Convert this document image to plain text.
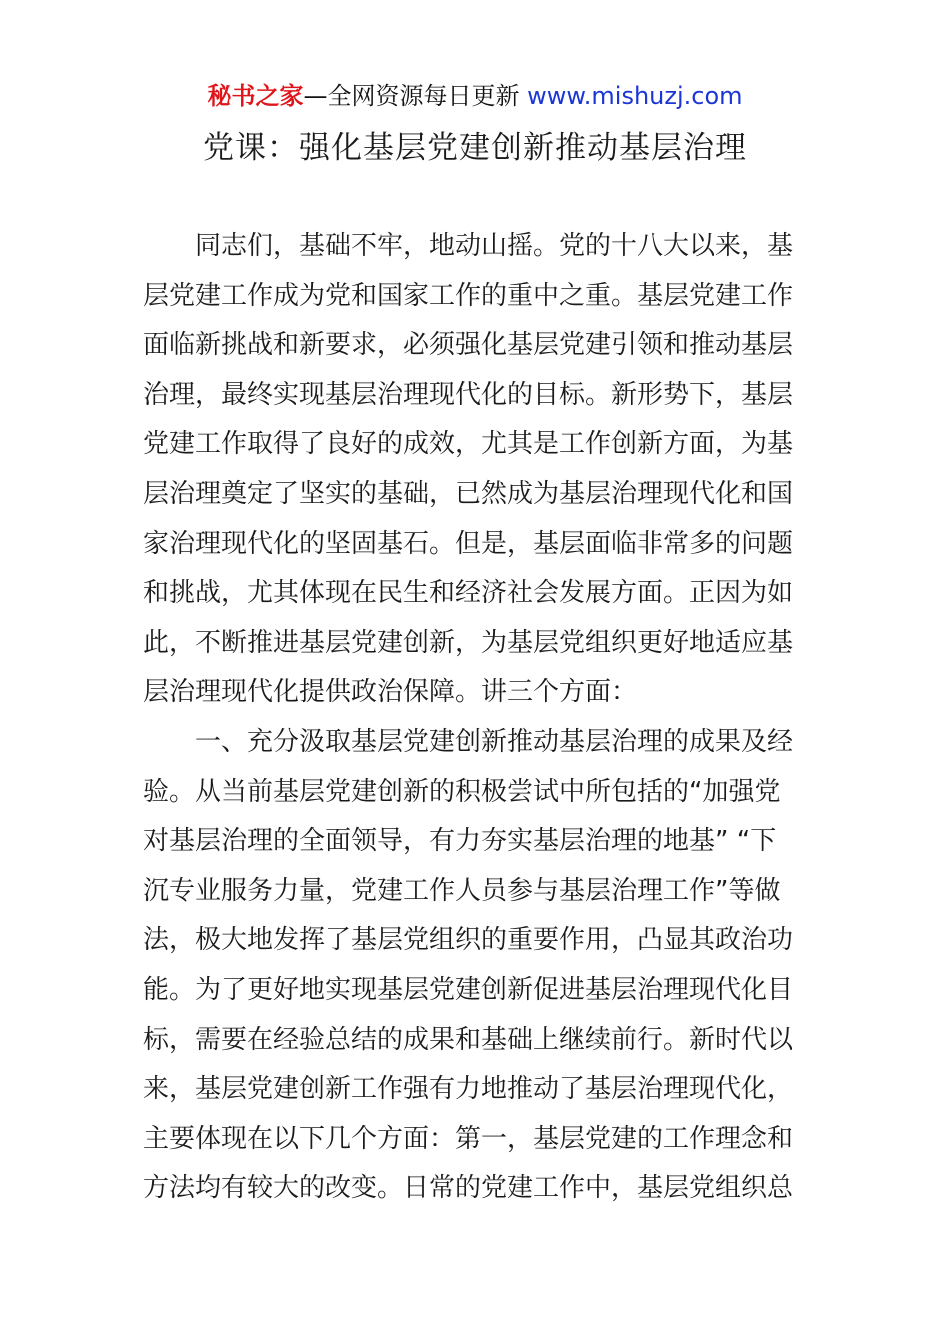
秘书之家—全网资源每日更新 www.mishuzj.com
党课：强化基层党建创新推动基层治理
　　同志们，基础不牢，地动山摇。党的十八大以来，基
层党建工作成为党和国家工作的重中之重。基层党建工作
面临新挑战和新要求，必须强化基层党建引领和推动基层
治理，最终实现基层治理现代化的目标。新形势下，基层
党建工作取得了良好的成效，尤其是工作创新方面，为基
层治理奠定了坚实的基础，已然成为基层治理现代化和国
家治理现代化的坚固基石。但是，基层面临非常多的问题
和挑战，尤其体现在民生和经济社会发展方面。正因为如
此，不断推进基层党建创新，为基层党组织更好地适应基
层治理现代化提供政治保障。讲三个方面：
　　一、充分汲取基层党建创新推动基层治理的成果及经
验。从当前基层党建创新的积极尝试中所包括的“加强党
对基层治理的全面领导，有力夯实基层治理的地基” “下
沉专业服务力量，党建工作人员参与基层治理工作”等做
法，极大地发挥了基层党组织的重要作用，凸显其政治功
能。为了更好地实现基层党建创新促进基层治理现代化目
标，需要在经验总结的成果和基础上继续前行。新时代以
来，基层党建创新工作强有力地推动了基层治理现代化，
主要体现在以下几个方面：第一，基层党建的工作理念和
方法均有较大的改变。日常的党建工作中，基层党组织总
